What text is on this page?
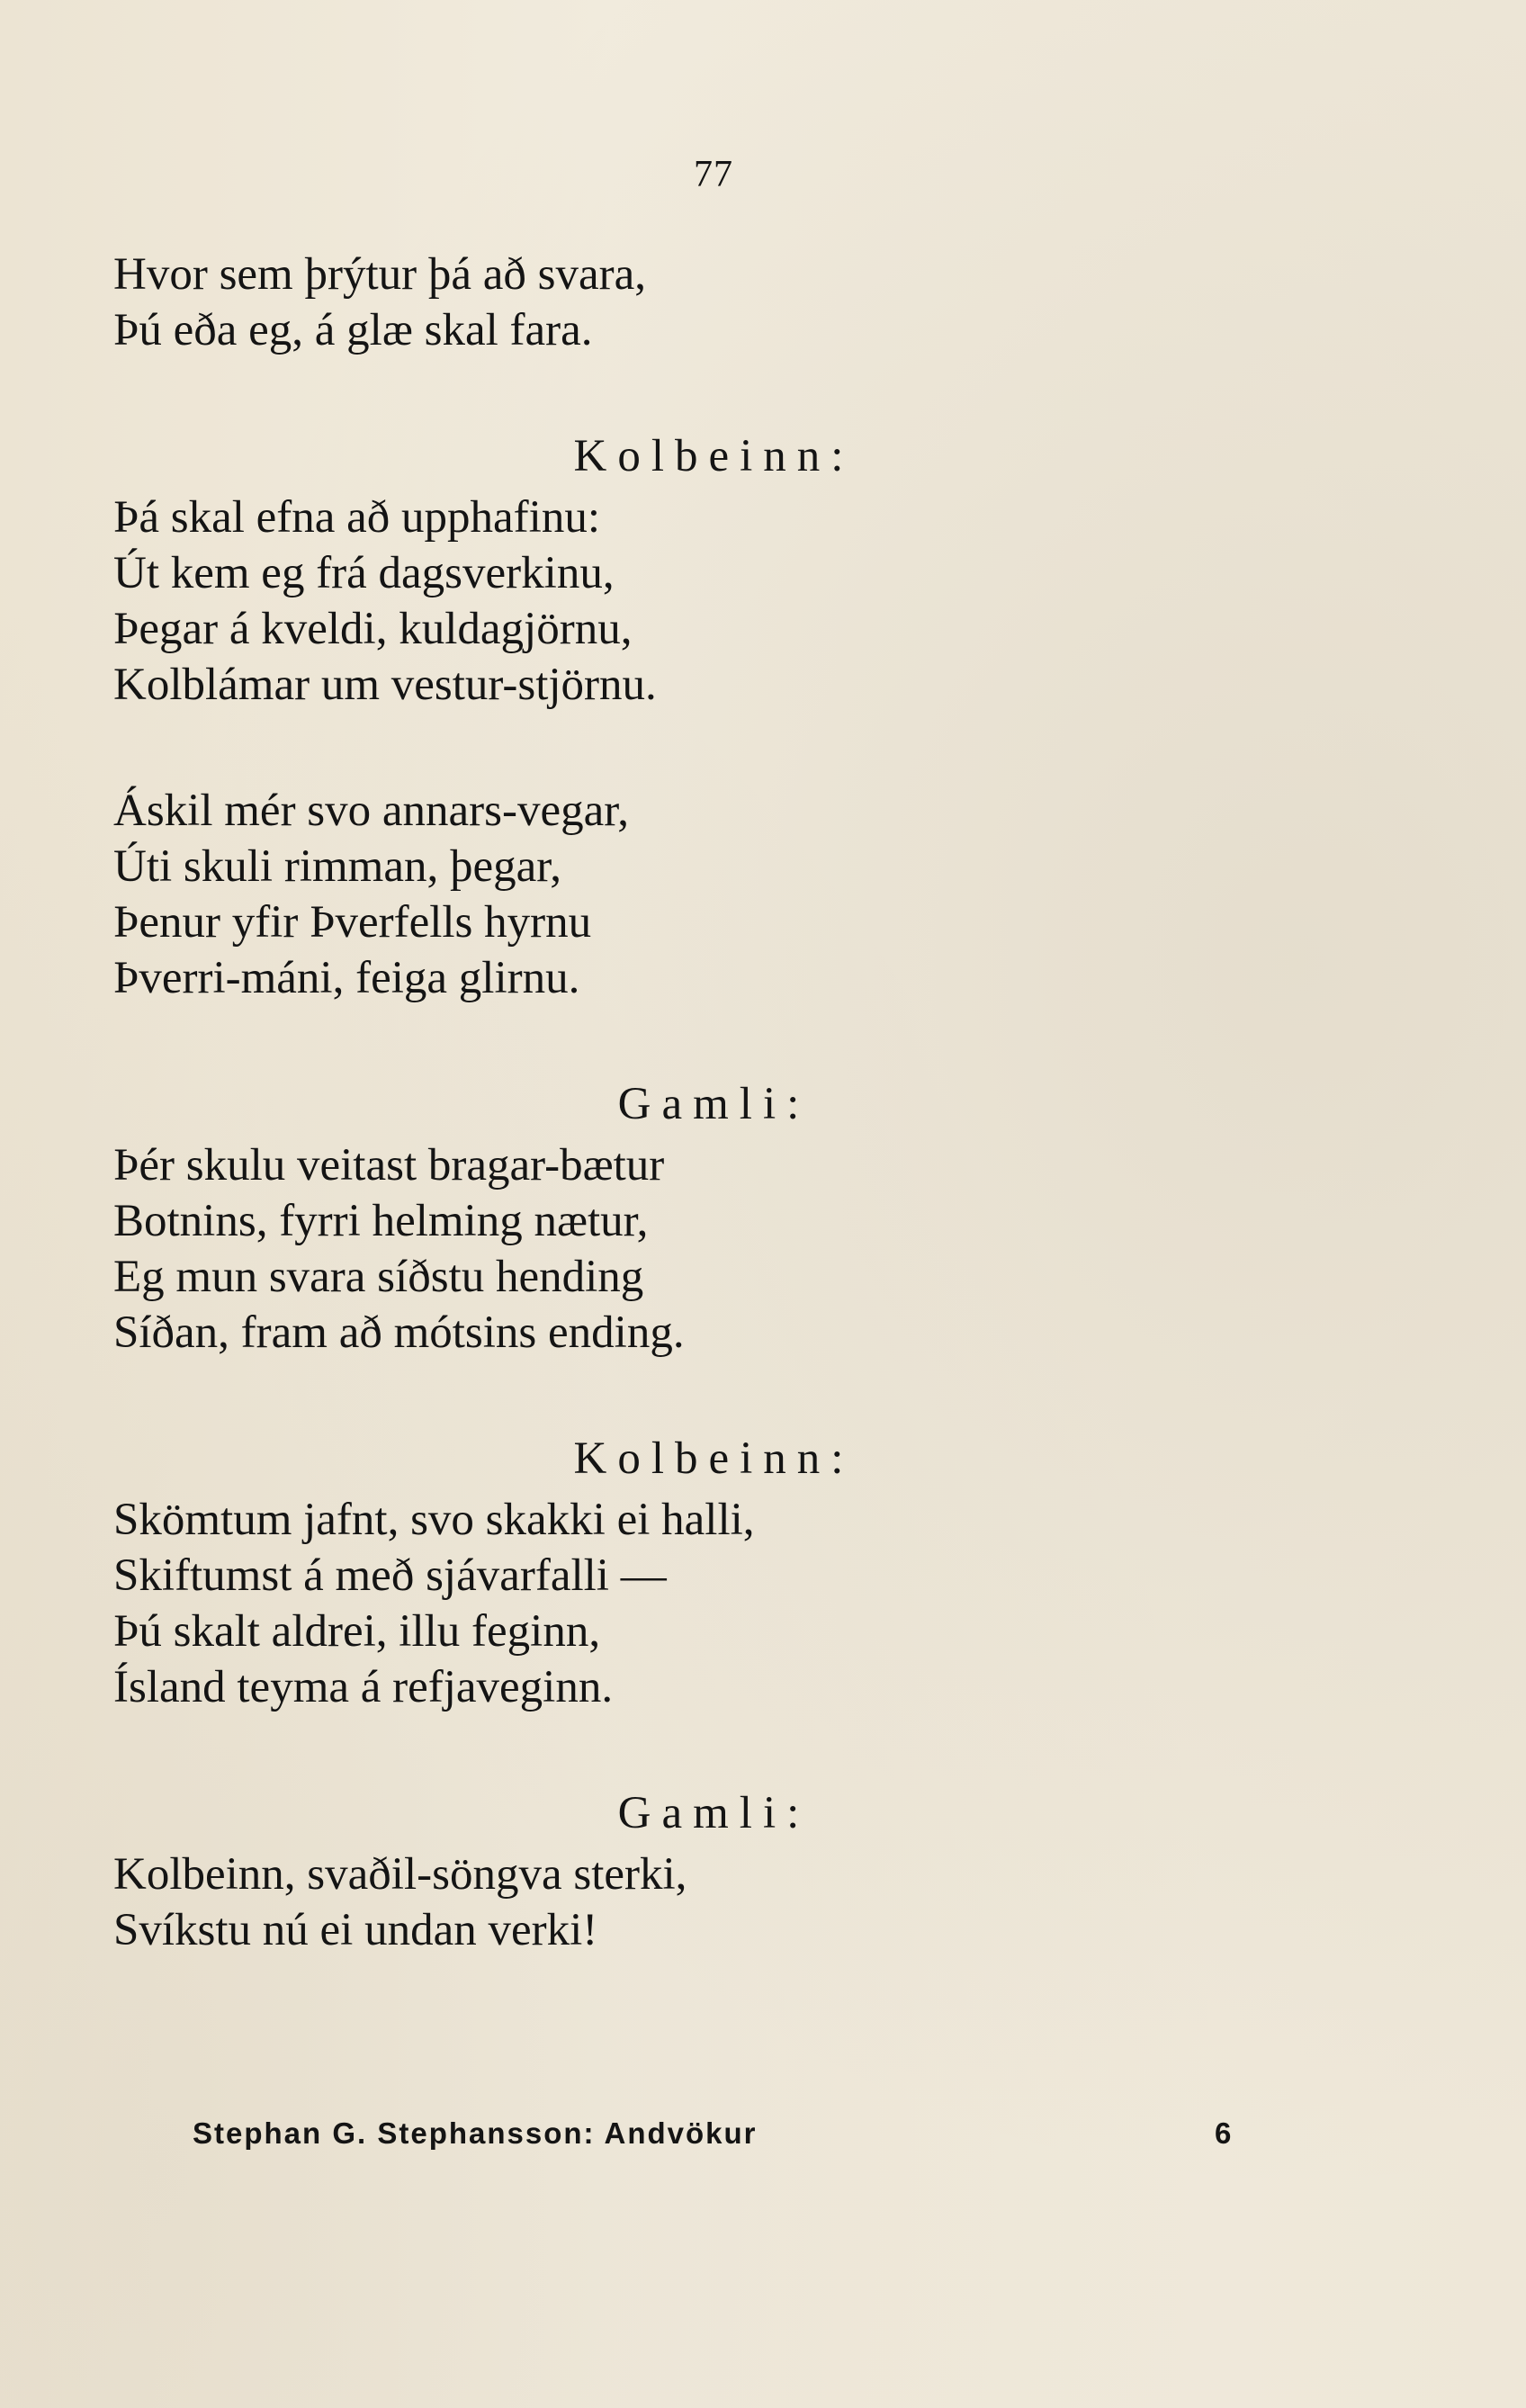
77
Hvor sem þrýtur þá að svara,
Þú eða eg, á glæ skal fara.
Kolbeinn:
Þá skal efna að upphafinu:
Út kem eg frá dagsverkinu,
Þegar á kveldi, kuldagjörnu,
Kolblámar um vestur-stjörnu.
Áskil mér svo annars-vegar,
Úti skuli rimman, þegar,
Þenur yfir Þverfells hyrnu
Þverri-máni, feiga glirnu.
Gamli:
Þér skulu veitast bragar-bætur
Botnins, fyrri helming nætur,
Eg mun svara síðstu hending
Síðan, fram að mótsins ending.
Kolbeinn:
Skömtum jafnt, svo skakki ei halli,
Skiftumst á með sjávarfalli —
Þú skalt aldrei, illu feginn,
Ísland teyma á refjaveginn.
Gamli:
Kolbeinn, svaðil-söngva sterki,
Svíkstu nú ei undan verki!
Stephan G. Stephansson: Andvökur	6
